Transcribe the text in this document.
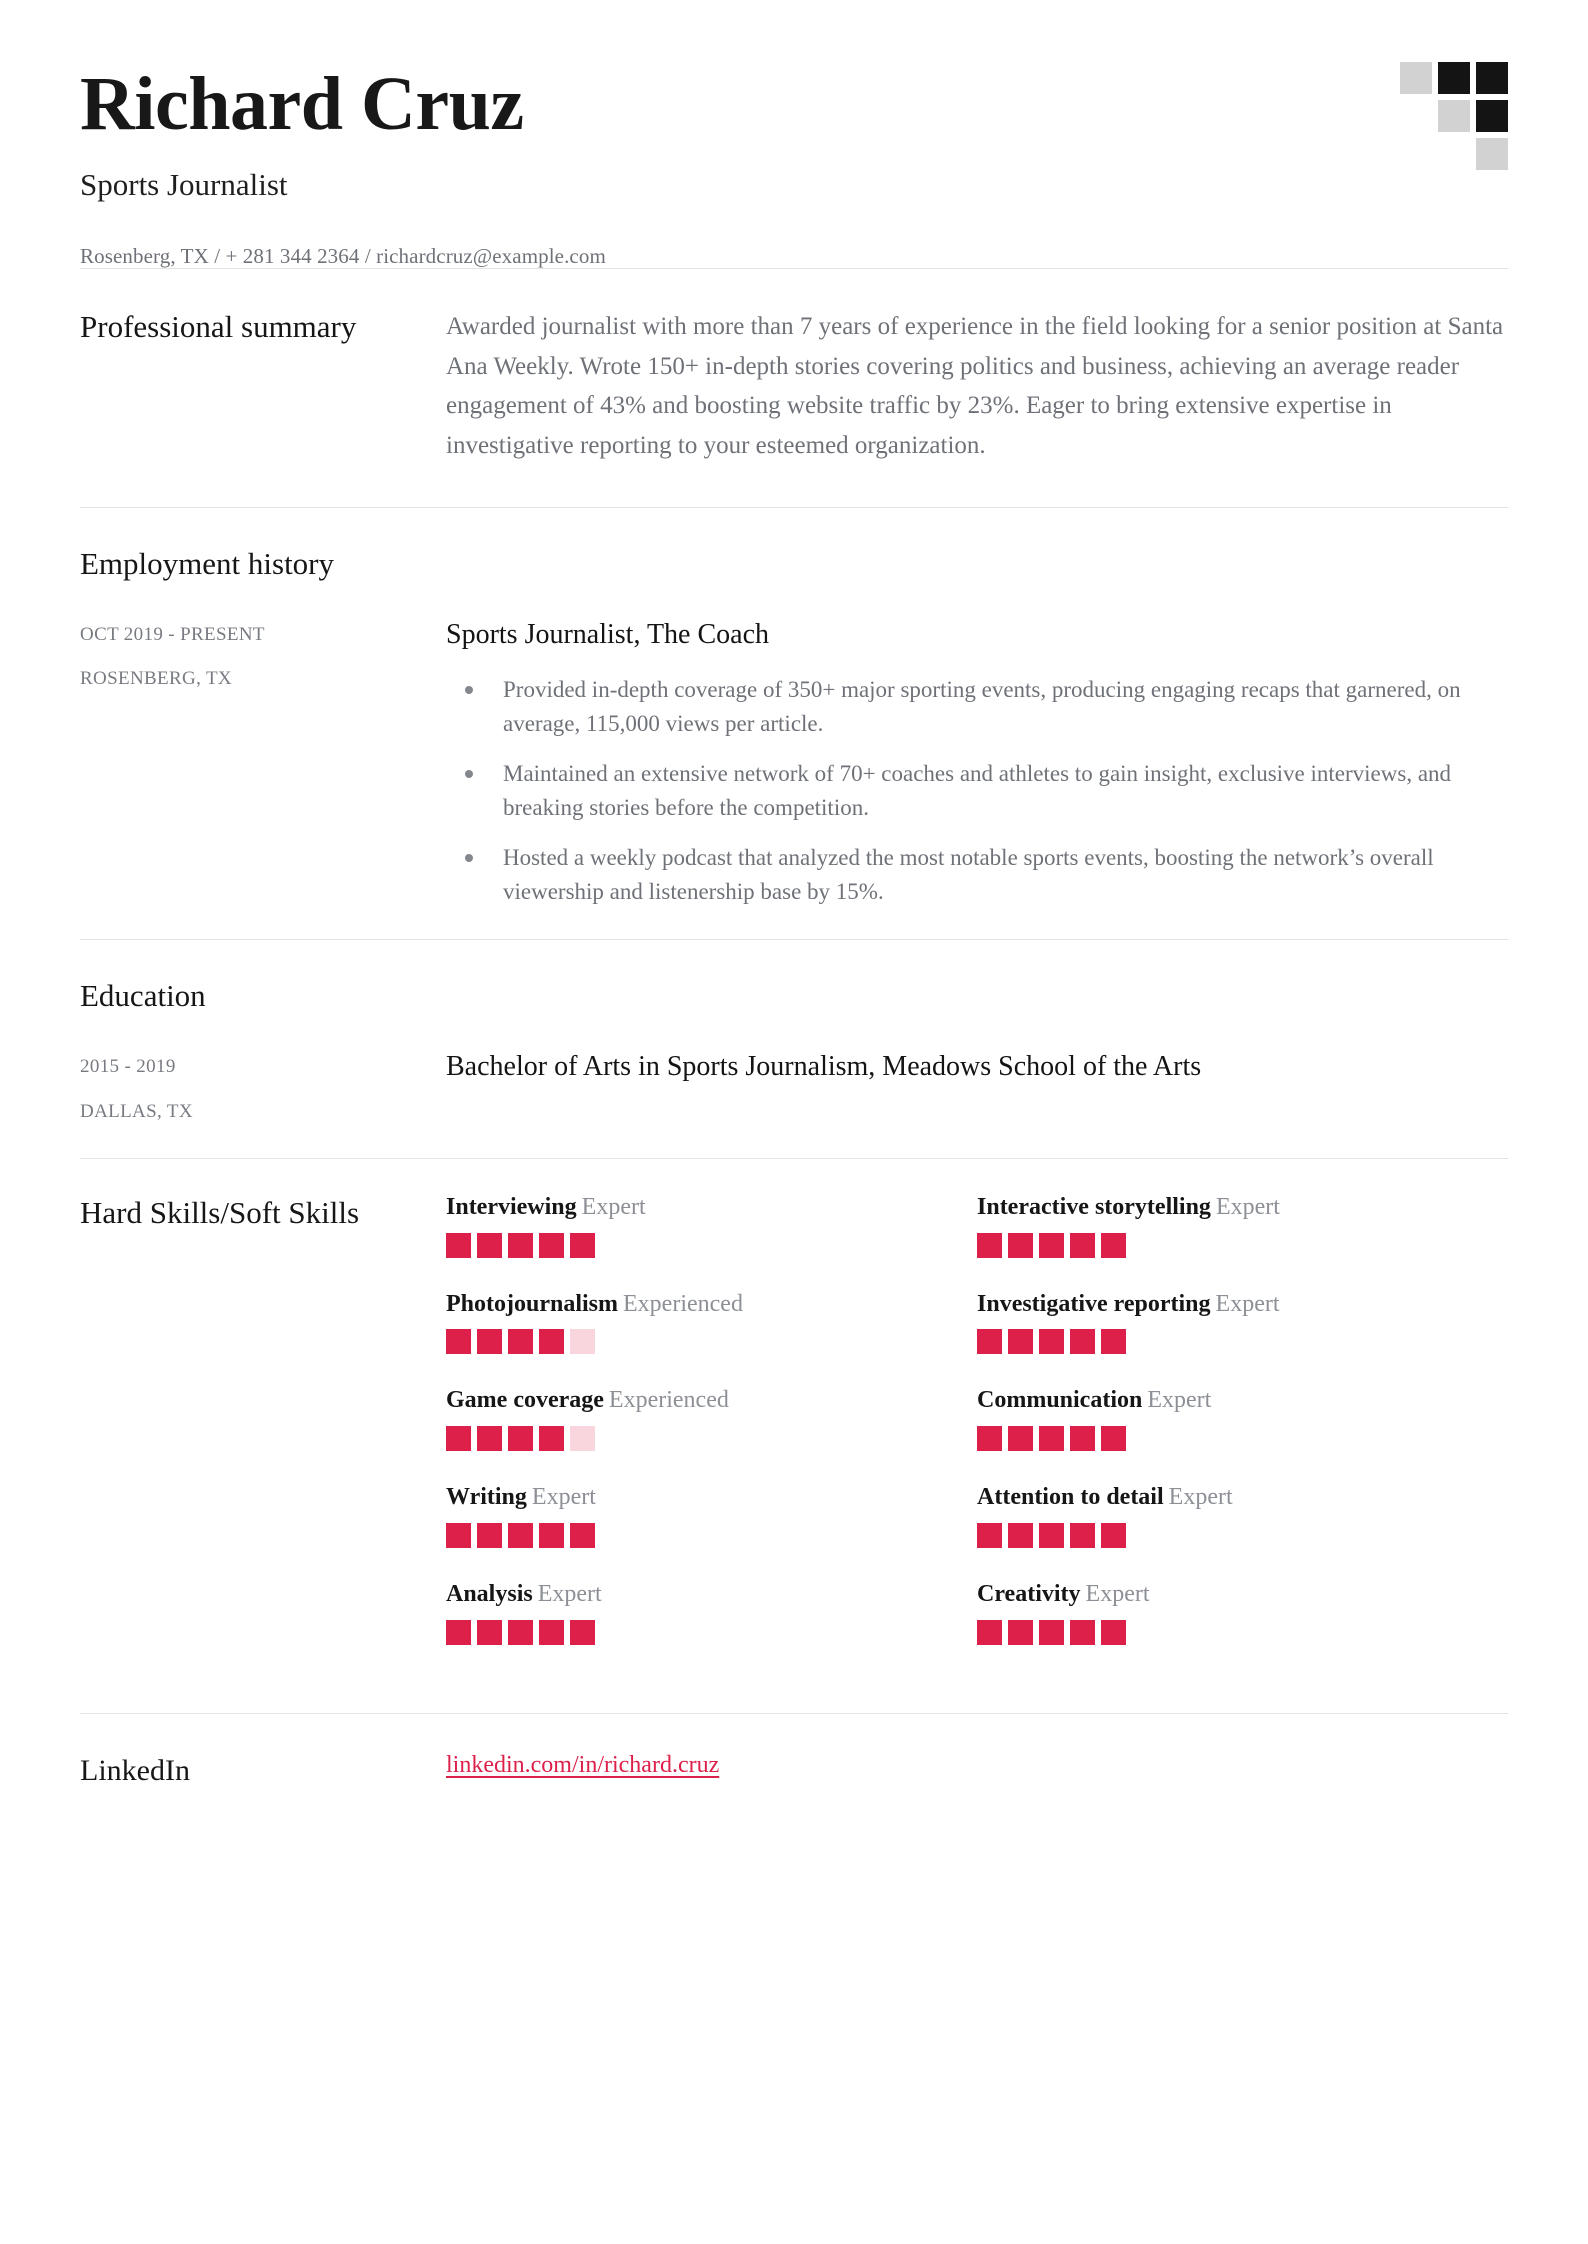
Richard Cruz
Sports Journalist
Rosenberg, TX / + 281 344 2364 / richardcruz@example.com
Professional summary	Awarded journalist with more than 7 years of experience in the field looking for a senior position at Santa Ana Weekly. Wrote 150+ in-depth stories covering politics and business, achieving an average reader engagement of 43% and boosting website traffic by 23%. Eager to bring extensive expertise in investigative reporting to your esteemed organization.

Employment history
OCT 2019 - PRESENT
ROSENBERG, TX
Sports Journalist, The Coach
Provided in-depth coverage of 350+ major sporting events, producing engaging recaps that garnered, on average, 115,000 views per article.
Maintained an extensive network of 70+ coaches and athletes to gain insight, exclusive interviews, and breaking stories before the competition.
Hosted a weekly podcast that analyzed the most notable sports events, boosting the network’s overall viewership and listenership base by 15%.
Education
2015 - 2019
DALLAS, TX
Bachelor of Arts in Sports Journalism, Meadows School of the Arts
Hard Skills/Soft Skills	Interviewing Expert	Interactive storytelling Expert
Photojournalism Experienced	Investigative reporting Expert
Game coverage Experienced	Communication Expert
Writing Expert	Attention to detail Expert
Analysis Expert	Creativity Expert
LinkedIn	linkedin.com/in/richard.cruz
